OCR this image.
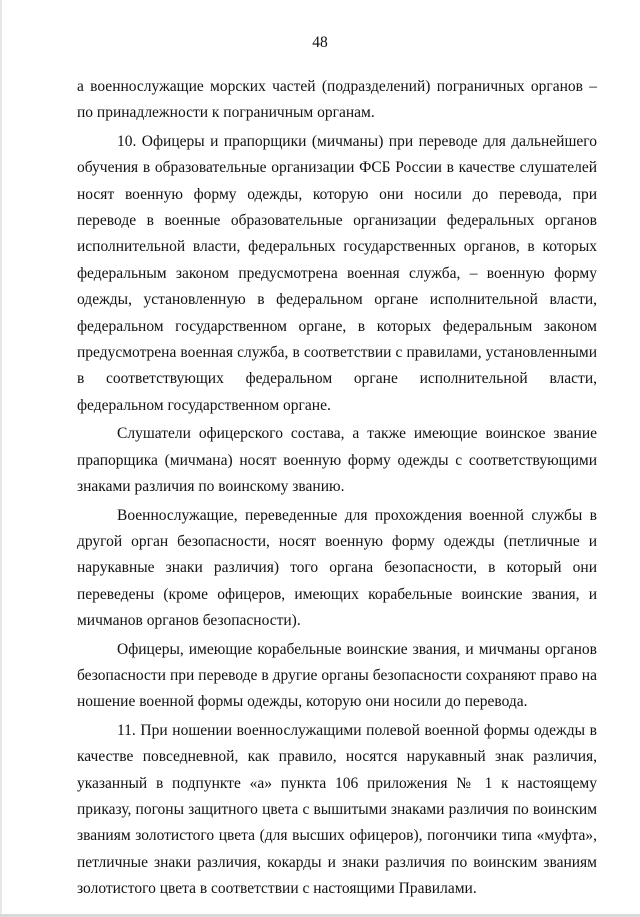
48

а военнослужащие морских частей (подразделений) пограничных органов – по принадлежности к пограничным органам.

10. Офицеры и прапорщики (мичманы) при переводе для дальнейшего обучения в образовательные организации ФСБ России в качестве слушателей носят военную форму одежды, которую они носили до перевода, при переводе в военные образовательные организации федеральных органов исполнительной власти, федеральных государственных органов, в которых федеральным законом предусмотрена военная служба, – военную форму одежды, установленную в федеральном органе исполнительной власти, федеральном государственном органе, в которых федеральным законом предусмотрена военная служба, в соответствии с правилами, установленными в соответствующих федеральном органе исполнительной власти, федеральном государственном органе.

Слушатели офицерского состава, а также имеющие воинское звание прапорщика (мичмана) носят военную форму одежды с соответствующими знаками различия по воинскому званию.

Военнослужащие, переведенные для прохождения военной службы в другой орган безопасности, носят военную форму одежды (петличные и нарукавные знаки различия) того органа безопасности, в который они переведены (кроме офицеров, имеющих корабельные воинские звания, и мичманов органов безопасности).

Офицеры, имеющие корабельные воинские звания, и мичманы органов безопасности при переводе в другие органы безопасности сохраняют право на ношение военной формы одежды, которую они носили до перевода.

11. При ношении военнослужащими полевой военной формы одежды в качестве повседневной, как правило, носятся нарукавный знак различия, указанный в подпункте «а» пункта 106 приложения № 1 к настоящему приказу, погоны защитного цвета с вышитыми знаками различия по воинским званиям золотистого цвета (для высших офицеров), погончики типа «муфта», петличные знаки различия, кокарды и знаки различия по воинским званиям золотистого цвета в соответствии с настоящими Правилами.
